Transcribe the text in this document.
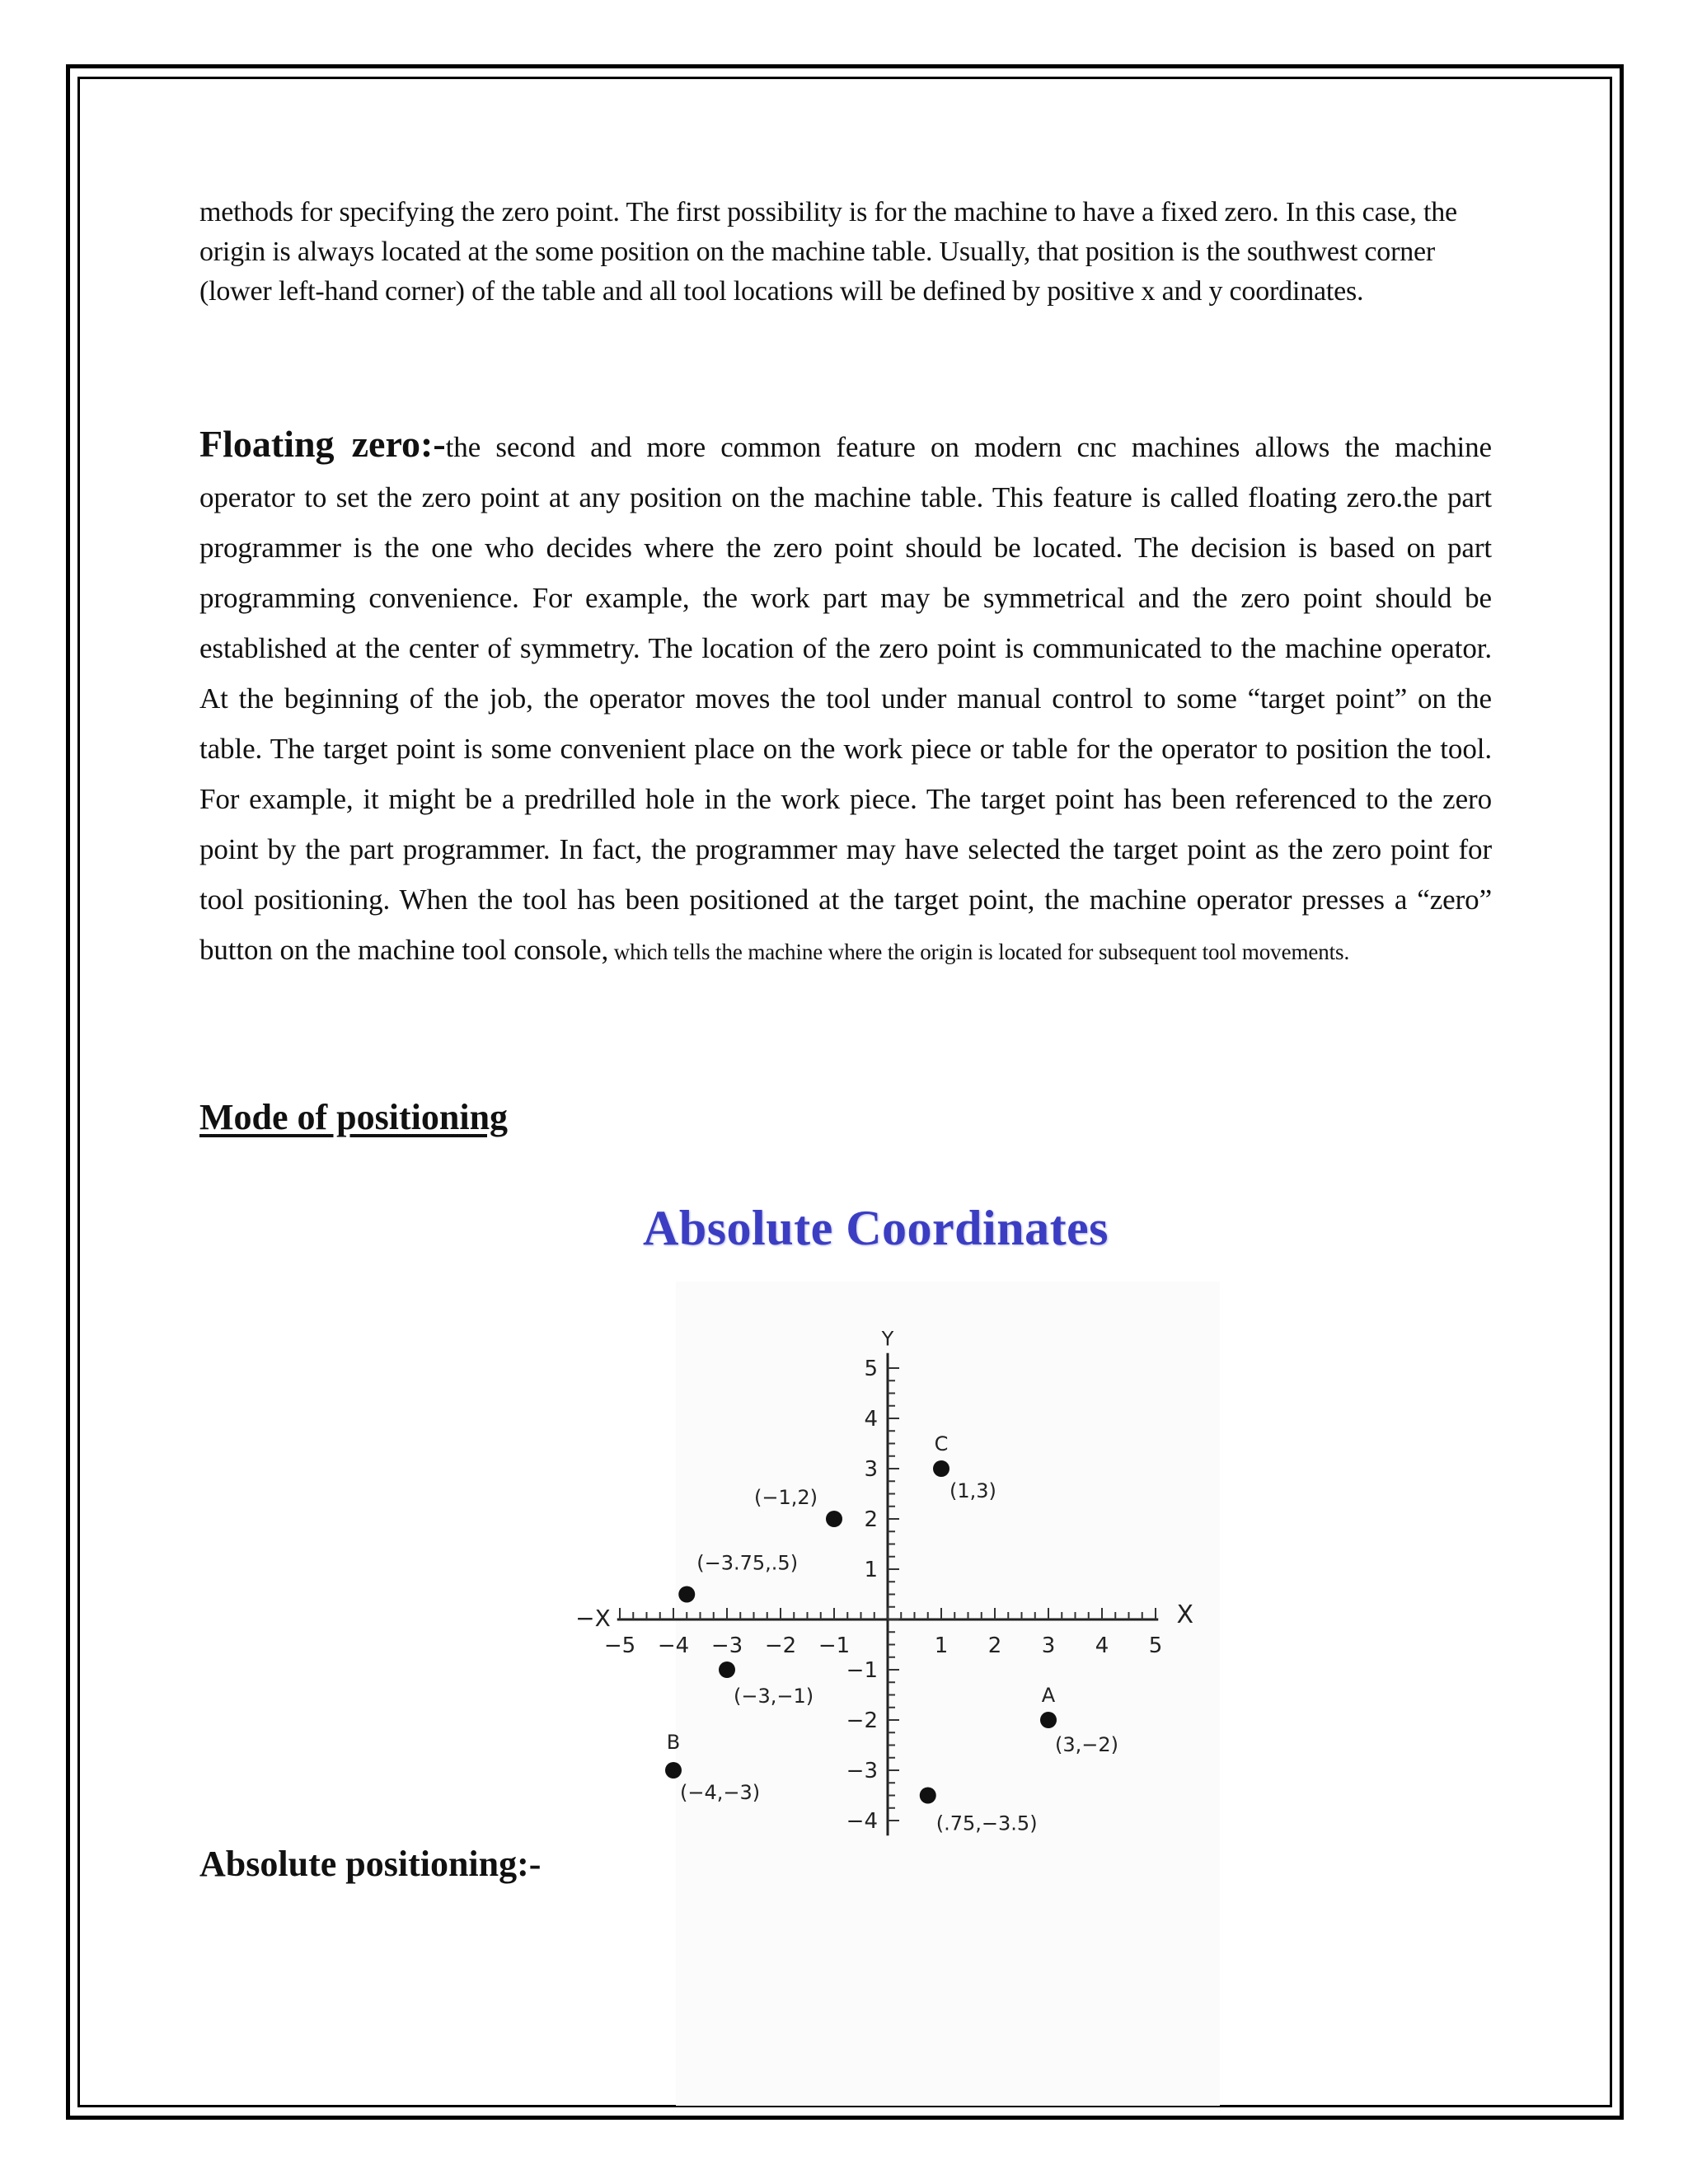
methods for specifying the zero point. The first possibility is for the machine to have a fixed zero. In this case, the origin is always located at the some position on the machine table. Usually, that position is the southwest corner (lower left-hand corner) of the table and all tool locations will be defined by positive x and y coordinates.

Floating zero:-the second and more common feature on modern cnc machines allows the machine operator to set the zero point at any position on the machine table. This feature is called floating zero.the part programmer is the one who decides where the zero point should be located. The decision is based on part programming convenience. For example, the work part may be symmetrical and the zero point should be established at the center of symmetry. The location of the zero point is communicated to the machine operator. At the beginning of the job, the operator moves the tool under manual control to some “target point” on the table. The target point is some convenient place on the work piece or table for the operator to position the tool. For example, it might be a predrilled hole in the work piece. The target point has been referenced to the zero point by the part programmer. In fact, the programmer may have selected the target point as the zero point for tool positioning. When the tool has been positioned at the target point, the machine operator presses a “zero” button on the machine tool console, which tells the machine where the origin is located for subsequent tool movements.

Mode of positioning
Absolute Coordinates
−5 −4 −3 −2 −1	1 2 3 4 5
5
4
3
2
1
−1
−2
−3
−4
X
−X
Y
(1,3)
C
(−1,2)
(−3.75,.5)
(−3,−1)
(3,−2)
A
(−4,−3)
B
(.75,−3.5)
Absolute positioning:-
